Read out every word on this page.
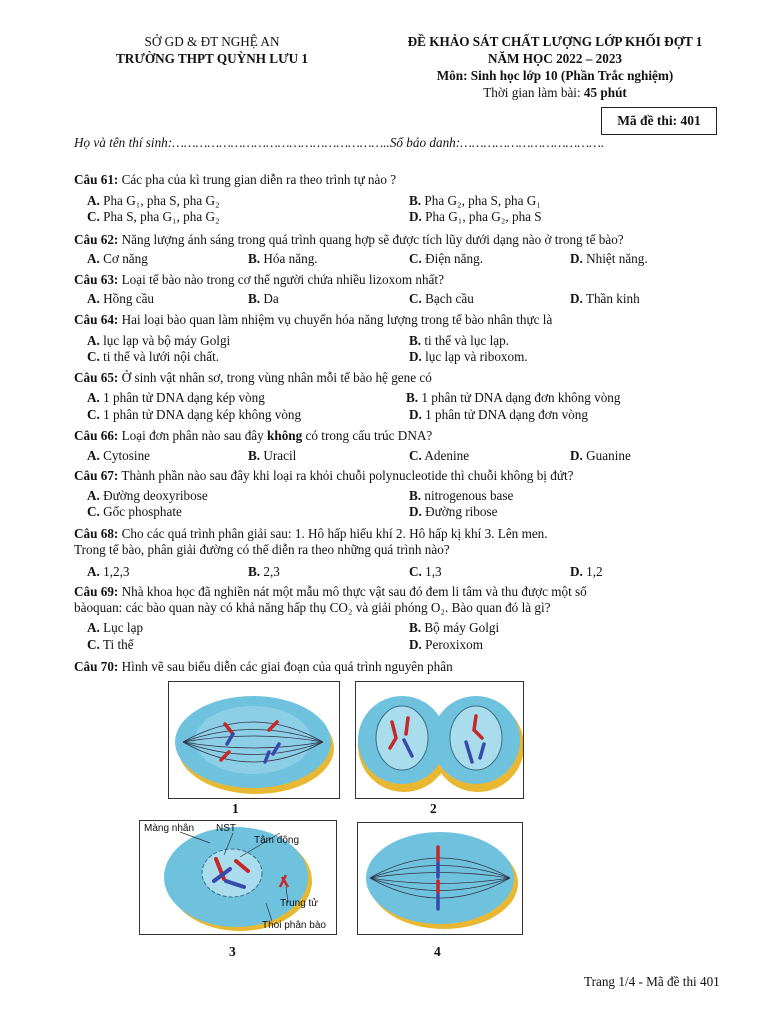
SỞ GD & ĐT NGHỆ AN
TRƯỜNG THPT QUỲNH LƯU 1
ĐỀ KHẢO SÁT CHẤT LƯỢNG LỚP KHỐI ĐỢT 1
NĂM HỌC 2022 – 2023
Môn: Sinh học lớp 10 (Phần Trắc nghiệm)
Thời gian làm bài: 45 phút
Mã đề thi: 401
Họ và tên thí sinh:………………………………………………..Số báo danh:……………………………….
Câu 61: Các pha của kì trung gian diễn ra theo trình tự nào ?
A. Pha G₁, pha S, pha G₂	B. Pha G₂, pha S, pha G₁
C. Pha S, pha G₁, pha G₂	D. Pha G₁, pha G₂, pha S
Câu 62: Năng lượng ánh sáng trong quá trình quang hợp sẽ được tích lũy dưới dạng nào ở trong tế bào?
A. Cơ năng	B. Hóa năng.	C. Điện năng.	D. Nhiệt năng.
Câu 63: Loại tế bào nào trong cơ thể người chứa nhiều lizoxom nhất?
A. Hồng cầu	B. Da	C. Bạch cầu	D. Thần kinh
Câu 64: Hai loại bào quan làm nhiệm vụ chuyển hóa năng lượng trong tế bào nhân thực là
A. lục lạp và bộ máy Golgi	B. ti thể và lục lạp.
C. ti thể và lưới nội chất.	D. lục lạp và riboxom.
Câu 65: Ở sinh vật nhân sơ, trong vùng nhân mỗi tế bào hệ gene có
A. 1 phân tử DNA dạng kép vòng	B. 1 phân tử DNA dạng đơn không vòng
C. 1 phân tử DNA dạng kép không vòng	D. 1 phân tử DNA dạng đơn vòng
Câu 66: Loại đơn phân nào sau đây không có trong cấu trúc DNA?
A. Cytosine	B. Uracil	C. Adenine	D. Guanine
Câu 67: Thành phần nào sau đây khi loại ra khỏi chuỗi polynucleotide thì chuỗi không bị đứt?
A. Đường deoxyribose	B. nitrogenous base
C. Gốc phosphate	D. Đường ribose
Câu 68: Cho các quá trình phân giải sau: 1. Hô hấp hiếu khí 2. Hô hấp kị khí 3. Lên men.
Trong tế bào, phân giải đường có thể diễn ra theo những quá trình nào?
A. 1,2,3	B. 2,3	C. 1,3	D. 1,2
Câu 69: Nhà khoa học đã nghiền nát một mẫu mô thực vật sau đó đem li tâm và thu được một số
bàoquan: các bào quan này có khả năng hấp thụ CO₂ và giải phóng O₂. Bào quan đó là gì?
A. Lục lạp	B. Bộ máy Golgi
C. Ti thể	D. Peroxixom
Câu 70: Hình vẽ sau biểu diễn các giai đoạn của quá trình nguyên phân
Màng nhân NST
Tâm động
Trung tử
Thoi phân bào
1	2
3	4
Trang 1/4 - Mã đề thi 401
